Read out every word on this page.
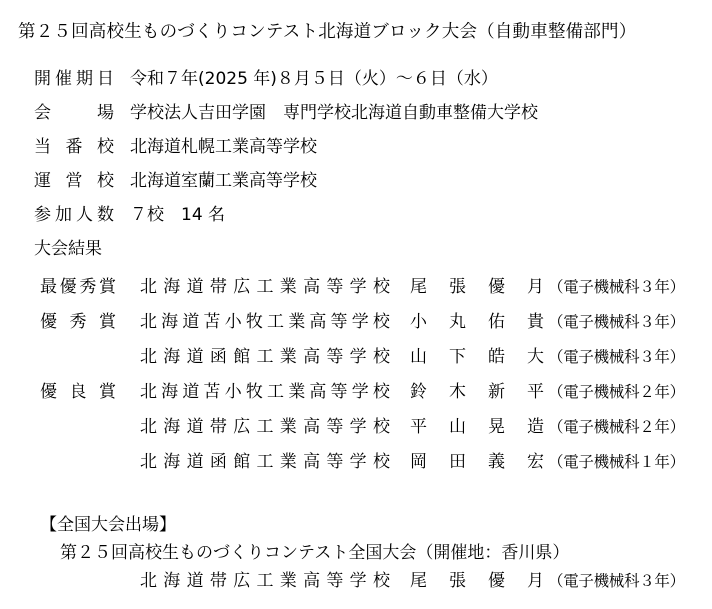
第２５回高校生ものづくりコンテスト北海道ブロック大会（自動車整備部門）
開 催 期 日 令和７年(2025 年)８月５日（火）～６日（水）
会	場 学校法人吉田学園　専門学校北海道自動車整備大学校
当 番 校 北海道札幌工業高等学校
運 営 校 北海道室蘭工業高等学校
参 加 人 数 ７校　14 名
大会結果
最 優 秀 賞 北 海 道 帯 広 工 業 高 等 学 校 尾 張 優 月 （電子機械科３年）
優 秀 賞 北 海 道 苫 小 牧 工 業 高 等 学 校 小 丸 佑 貴 （電子機械科３年）
北 海 道 函 館 工 業 高 等 学 校 山 下 皓 大 （電子機械科３年）
優 良 賞 北 海 道 苫 小 牧 工 業 高 等 学 校 鈴 木 新 平 （電子機械科２年）
北 海 道 帯 広 工 業 高 等 学 校 平 山 晃 造 （電子機械科２年）
北 海 道 函 館 工 業 高 等 学 校 岡 田 義 宏 （電子機械科１年）
【全国大会出場】
第２５回高校生ものづくりコンテスト全国大会（開催地：香川県）
北 海 道 帯 広 工 業 高 等 学 校 尾 張 優 月 （電子機械科３年）
